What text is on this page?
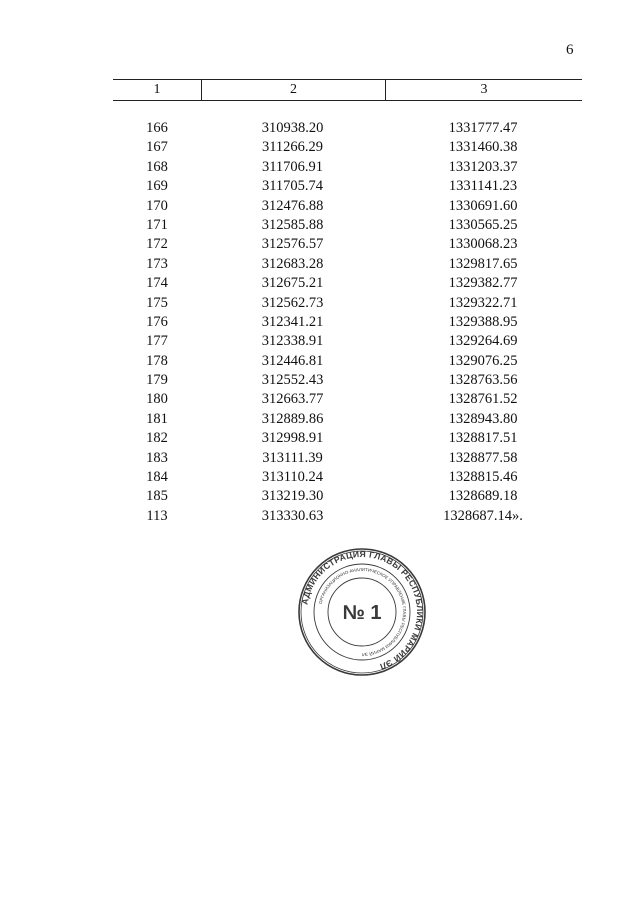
6
1	2	3
166	310938.20	1331777.47
167	311266.29	1331460.38
168	311706.91	1331203.37
169	311705.74	1331141.23
170	312476.88	1330691.60
171	312585.88	1330565.25
172	312576.57	1330068.23
173	312683.28	1329817.65
174	312675.21	1329382.77
175	312562.73	1329322.71
176	312341.21	1329388.95
177	312338.91	1329264.69
178	312446.81	1329076.25
179	312552.43	1328763.56
180	312663.77	1328761.52
181	312889.86	1328943.80
182	312998.91	1328817.51
183	313111.39	1328877.58
184	313110.24	1328815.46
185	313219.30	1328689.18
113	313330.63	1328687.14».
АДМИНИСТРАЦИЯ ГЛАВЫ РЕСПУБЛИКИ МАРИЙ ЭЛ
ОРГАНИЗАЦИОННО-АНАЛИТИЧЕСКОЕ УПРАВЛЕНИЕ ГЛАВЫ РЕСПУБЛИКИ МАРИЙ ЭЛ
№ 1
